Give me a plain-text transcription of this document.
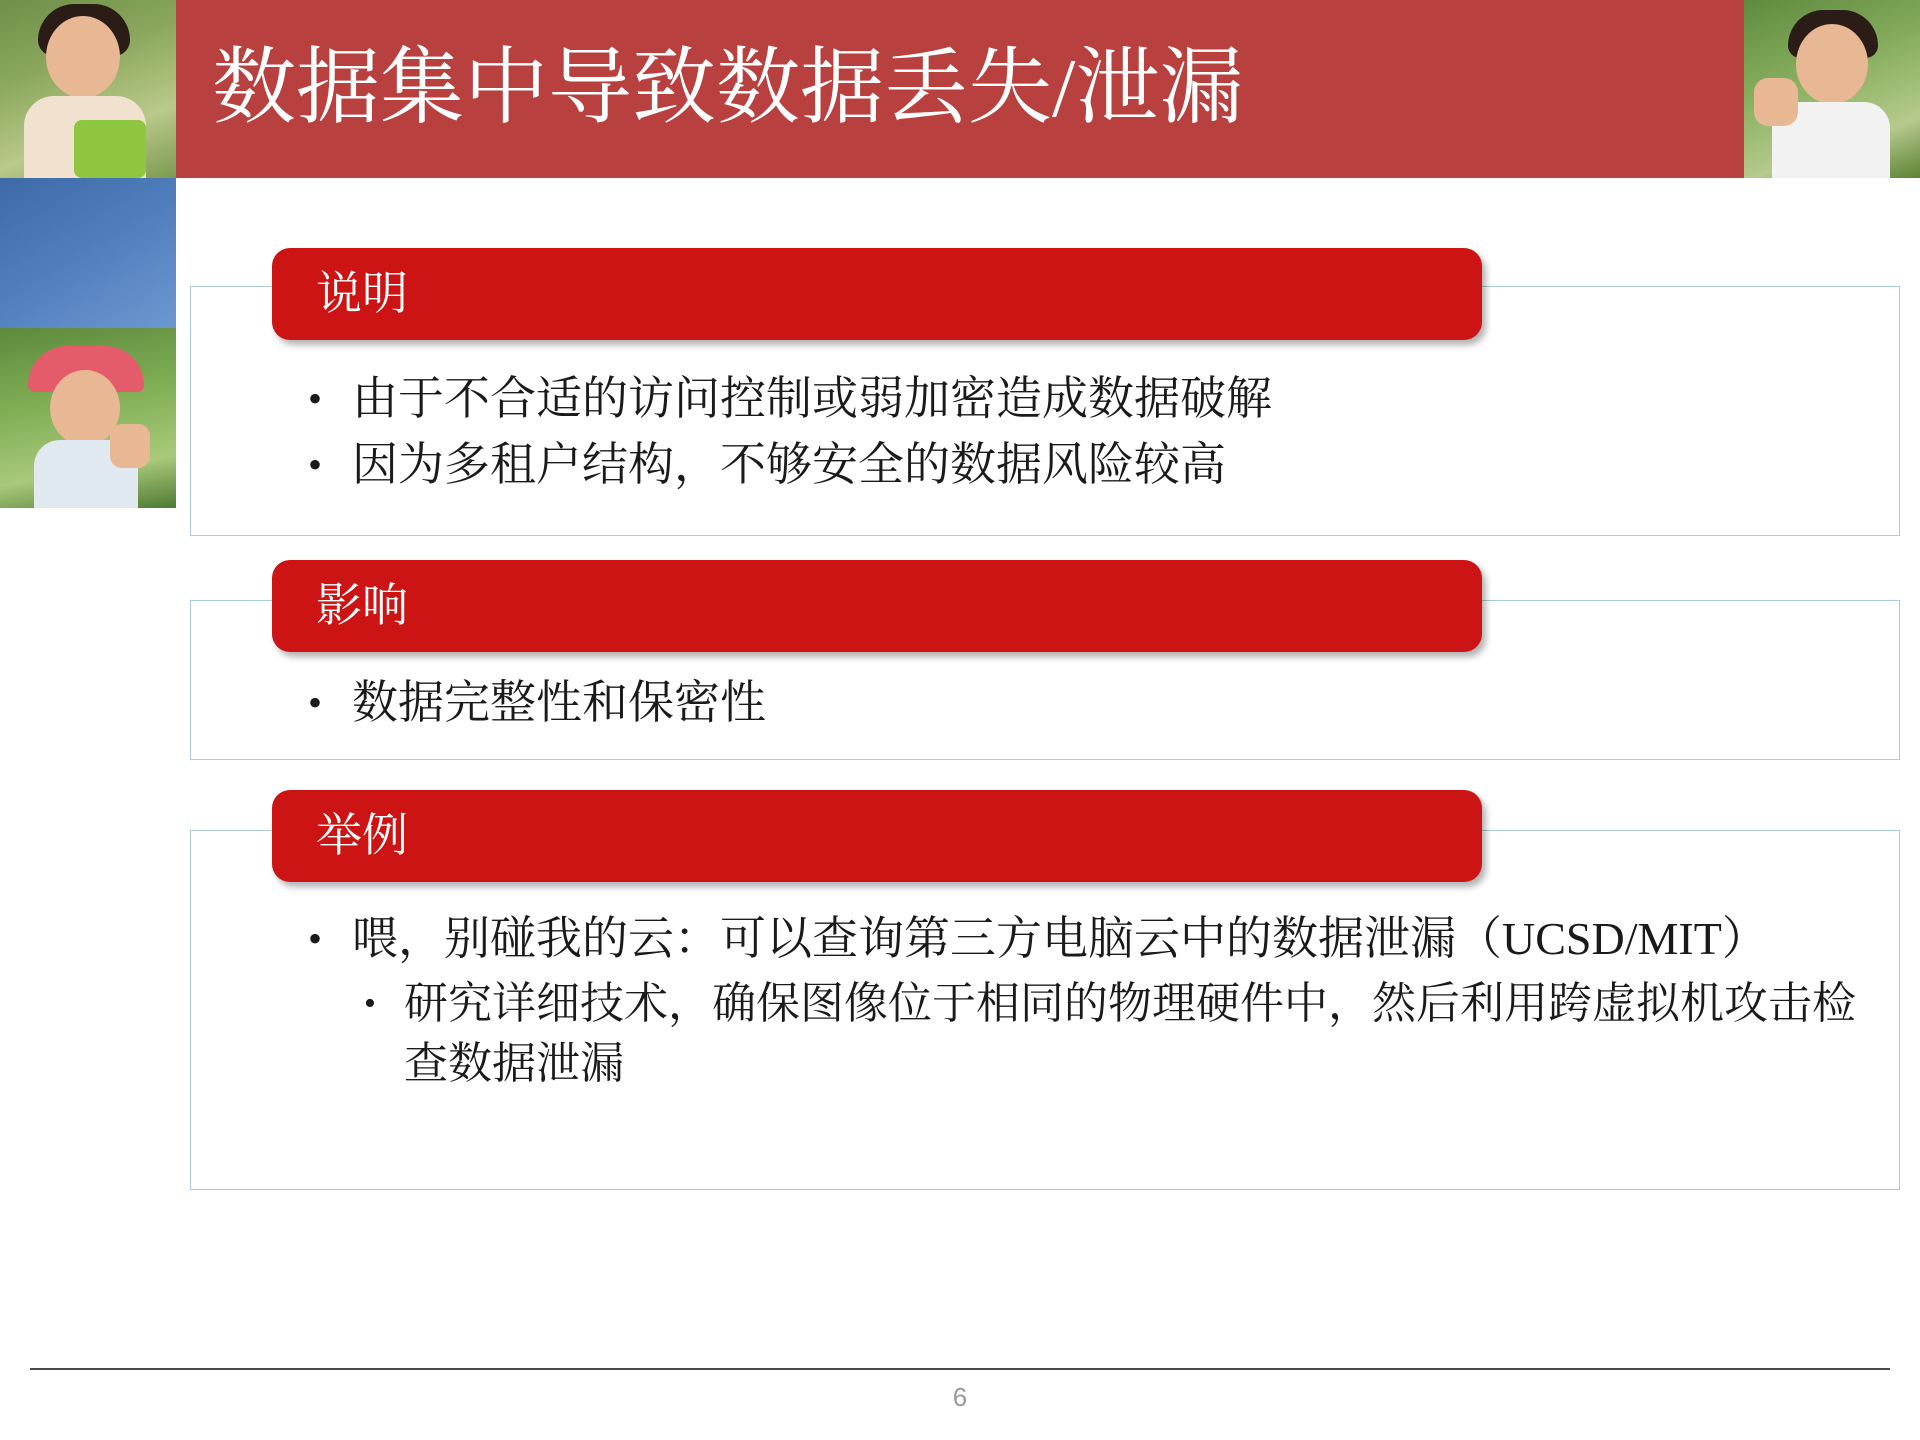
数据集中导致数据丢失/泄漏
说明
• 由于不合适的访问控制或弱加密造成数据破解
• 因为多租户结构，不够安全的数据风险较高
影响
• 数据完整性和保密性
举例
• 喂，别碰我的云：可以查询第三方电脑云中的数据泄漏（UCSD/MIT）
• 研究详细技术，确保图像位于相同的物理硬件中，然后利用跨虚拟机攻击检查数据泄漏
6
